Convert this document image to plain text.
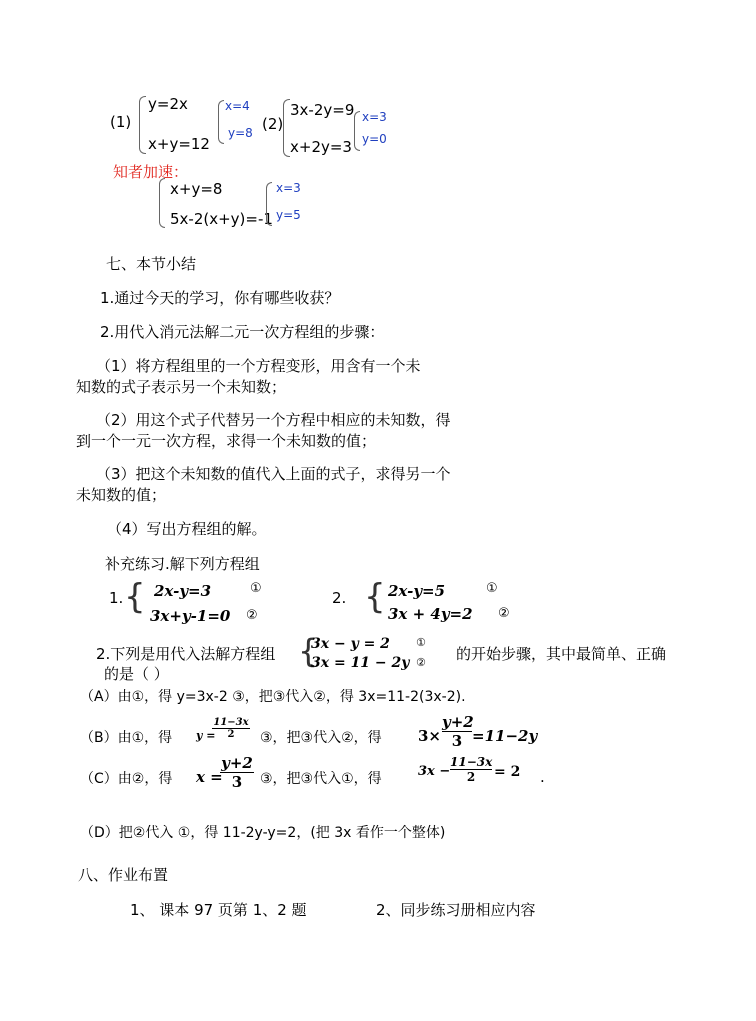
(1)
y=2x
x+y=12
x=4
y=8 (2)
3x-2y=9
x+2y=3
x=3
y=0
知者加速：
x+y=8
5x-2(x+y)=-1
x=3
y=5
七、本节小结
1.通过今天的学习，你有哪些收获？
2.用代入消元法解二元一次方程组的步骤：
（1）将方程组里的一个方程变形，用含有一个未
知数的式子表示另一个未知数；
（2）用这个式子代替另一个方程中相应的未知数，得
到一个一元一次方程，求得一个未知数的值；
（3）把这个未知数的值代入上面的式子，求得另一个
未知数的值；
（4）写出方程组的解。
补充练习.解下列方程组
1. { 2x-y=3	①
3x+y-1=0 ②
2. { 2x-y=5	①
3x + 4y=2 ②
2.下列是用代入法解方程组 {
3x − y = 2 ①
3x = 11 − 2y ② 的开始步骤，其中最简单、正确
的是（ ）
（A）由①，得 y=3x-2 ③，把③代入②，得 3x=11-2(3x-2).
（B）由①，得 y =
$\frac{11-3x}{2}$ ③，把③代入②，得 $3\times \frac{y+2}{3} =11-2y$
（C）由②，得 x =
$\frac{y+2}{3}$ ③，把③代入①，得	$3x - \frac{11-3x}{2} = 2$ .
（D）把②代入 ①，得 11-2y-y=2，(把 3x 看作一个整体)
八、作业布置
1、 课本 97 页第 1、2 题	2、同步练习册相应内容
